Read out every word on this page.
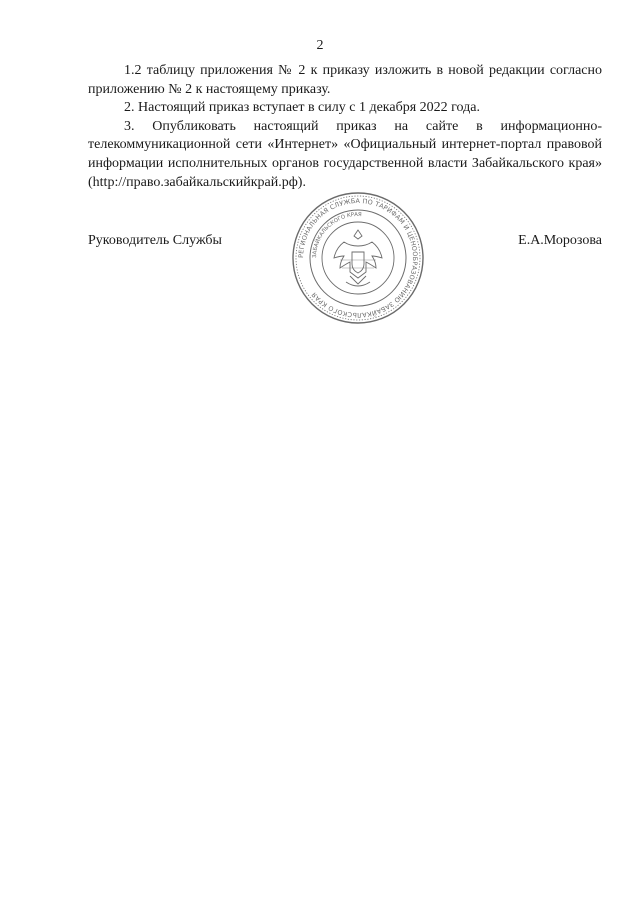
2

1.2 таблицу приложения № 2 к приказу изложить в новой редакции согласно приложению № 2 к настоящему приказу.

2. Настоящий приказ вступает в силу с 1 декабря 2022 года.

3. Опубликовать настоящий приказ на сайте в информационно-телекоммуникационной сети «Интернет» «Официальный интернет-портал правовой информации исполнительных органов государственной власти Забайкальского края» (http://право.забайкальскийкрай.рф).

РЕГИОНАЛЬНАЯ СЛУЖБА ПО ТАРИФАМ И ЦЕНООБРАЗОВАНИЮ ЗАБАЙКАЛЬСКОГО КРАЯ
ЗАБАЙКАЛЬСКОГО КРАЯ
Руководитель Службы	Е.А.Морозова
